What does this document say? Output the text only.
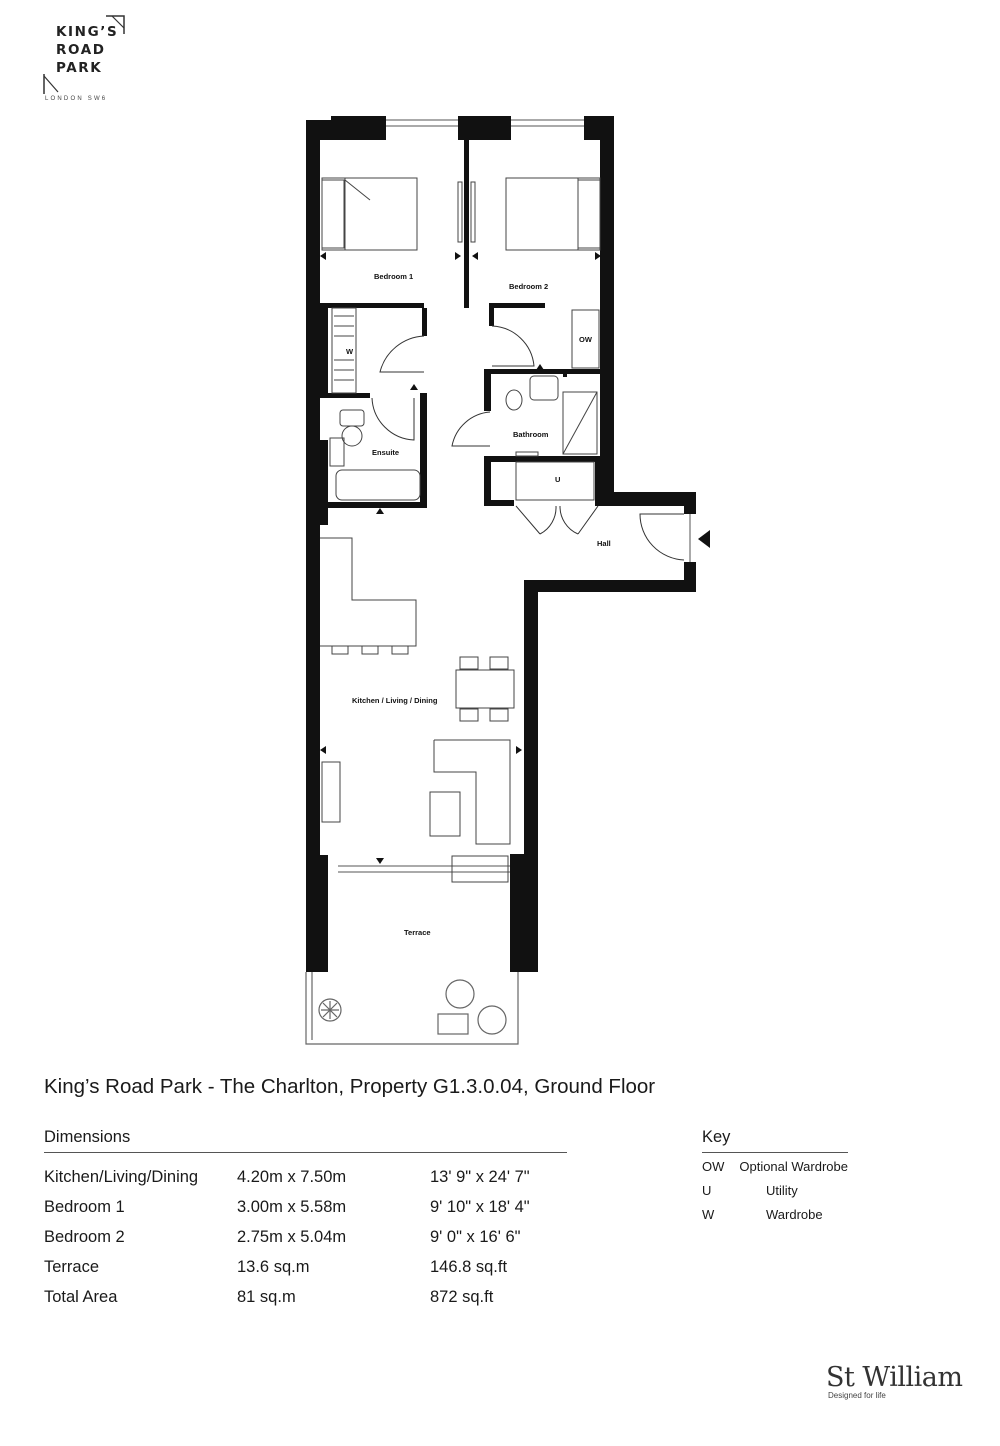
KING’S
ROAD
PARK
LONDON SW6
Bedroom 1
Bedroom 2
OW
W
Ensuite
Bathroom
U
Hall
Kitchen / Living / Dining
Terrace
King’s Road Park - The Charlton, Property G1.3.0.04, Ground Floor
Dimensions
Kitchen/Living/Dining	4.20m x 7.50m	13' 9" x 24' 7"
Bedroom 1	3.00m x 5.58m	9' 10" x 18' 4"
Bedroom 2	2.75m x 5.04m	9' 0" x 16' 6"
Terrace	13.6 sq.m	146.8 sq.ft
Total Area	81 sq.m	872 sq.ft
Key
OW	Optional Wardrobe
U	Utility
W	Wardrobe
St William
Designed for life
